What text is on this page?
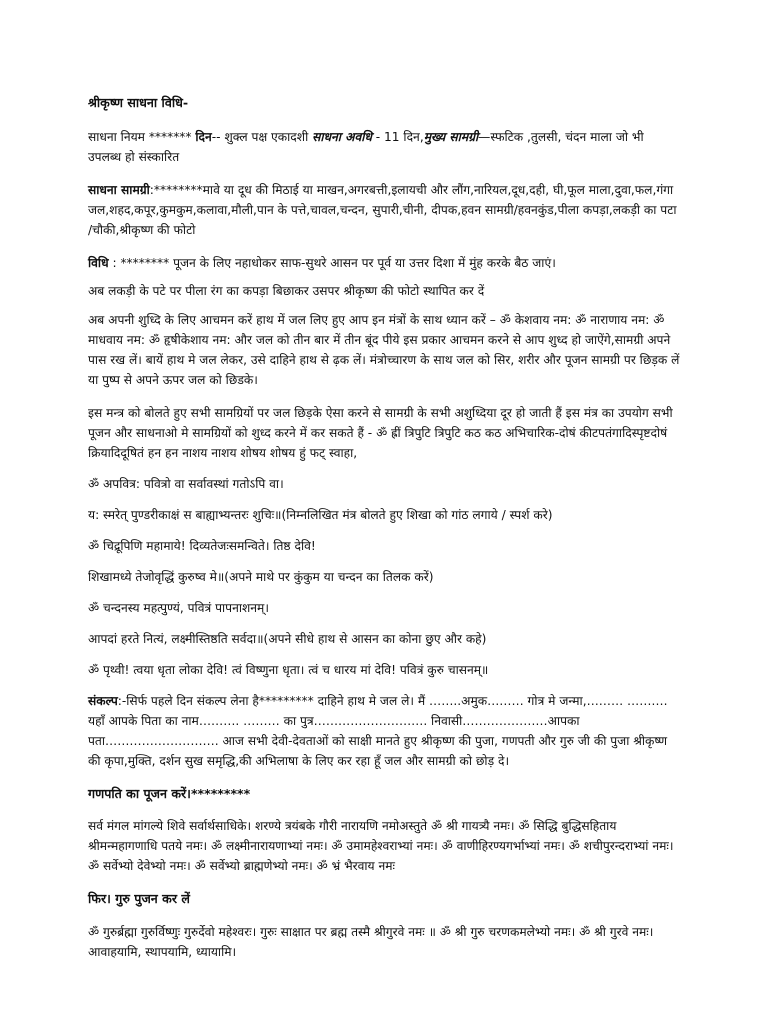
श्रीकृष्ण साधना विधि-

साधना नियम ******* दिन-- शुक्ल पक्ष एकादशी साधना अवधि - 11 दिन,मुख्य सामग्री—स्फटिक ,तुलसी, चंदन माला जो भी उपलब्ध हो संस्कारित

साधना सामग्री:********मावे या दूध की मिठाई या माखन,अगरबत्ती,इलायची और लौंग,नारियल,दूध,दही, घी,फूल माला,दुवा,फल,गंगा जल,शहद,कपूर,कुमकुम,कलावा,मौली,पान के पत्ते,चावल,चन्दन, सुपारी,चीनी, दीपक,हवन सामग्री/हवनकुंड,पीला कपड़ा,लकड़ी का पटा /चौकी,श्रीकृष्ण की फोटो

विधि : ******** पूजन के लिए नहाधोकर साफ-सुथरे आसन पर पूर्व या उत्तर दिशा में मुंह करके बैठ जाएं।

अब लकड़ी के पटे पर पीला रंग का कपड़ा बिछाकर उसपर श्रीकृष्ण की फोटो स्थापित कर दें

अब अपनी शुध्दि के लिए आचमन करें हाथ में जल लिए हुए आप इन मंत्रों के साथ ध्यान करें – ॐ केशवाय नम: ॐ नाराणाय नम: ॐ माधवाय नम: ॐ हृषीकेशाय नम: और जल को तीन बार में तीन बूंद पीये इस प्रकार आचमन करने से आप शुध्द हो जाऐंगे,सामग्री अपने पास रख लें। बायें हाथ मे जल लेकर, उसे दाहिने हाथ से ढ़क लें। मंत्रोच्चारण के साथ जल को सिर, शरीर और पूजन सामग्री पर छिड़क लें या पुष्प से अपने ऊपर जल को छिडके।

इस मन्त्र को बोलते हुए सभी सामग्रियों पर जल छिड़के ऐसा करने से सामग्री के सभी अशुध्दिया दूर हो जाती हैं इस मंत्र का उपयोग सभी पूजन और साधनाओ मे सामग्रियों को शुध्द करने में कर सकते हैं - ॐ ह्रीं त्रिपुटि त्रिपुटि कठ कठ अभिचारिक-दोषं कीटपतंगादिस्पृष्टदोषं क्रियादिदूषितं हन हन नाशय नाशय शोषय शोषय हुं फट् स्वाहा,

ॐ अपवित्र: पवित्रो वा सर्वावस्थां गतोऽपि वा।

य: स्मरेत् पुण्डरीकाक्षं स बाह्याभ्यन्तरः शुचिः॥(निम्नलिखित मंत्र बोलते हुए शिखा को गांठ लगाये / स्पर्श करे)

ॐ चिद्रूपिणि महामाये! दिव्यतेजःसमन्विते। तिष्ठ देवि!

शिखामध्ये तेजोवृद्धिं कुरुष्व मे॥(अपने माथे पर कुंकुम या चन्दन का तिलक करें)

ॐ चन्दनस्य महत्पुण्यं, पवित्रं पापनाशनम्।

आपदां हरते नित्यं, लक्ष्मीस्तिष्ठति सर्वदा॥(अपने सीधे हाथ से आसन का कोना छुए और कहे)

ॐ पृथ्वी! त्वया धृता लोका देवि! त्वं विष्णुना धृता। त्वं च धारय मां देवि! पवित्रं कुरु चासनम्॥

संकल्प:-सिर्फ पहले दिन संकल्प लेना है********* दाहिने हाथ मे जल ले। मैं ……..अमुक……… गोत्र मे जन्मा,……… ………. यहाँ आपके पिता का नाम………. ……… का पुत्र………………………. निवासी…………………आपका पता………………………. आज सभी देवी-देवताओं को साक्षी मानते हुए श्रीकृष्ण की पुजा, गणपती और गुरु जी की पुजा श्रीकृष्ण की कृपा,मुक्ति, दर्शन सुख समृद्धि,की अभिलाषा के लिए कर रहा हूँ जल और सामग्री को छोड़ दे।

गणपति का पूजन करें।*********

सर्व मंगल मांगल्ये शिवे सर्वार्थसाधिके। शरण्ये त्रयंबके गौरी नारायणि नमोअस्तुते ॐ श्री गायत्र्यै नमः। ॐ सिद्धि बुद्धिसहिताय श्रीमन्महागणाधि पतये नमः। ॐ लक्ष्मीनारायणाभ्यां नमः। ॐ उमामहेश्वराभ्यां नमः। ॐ वाणीहिरण्यगर्भाभ्यां नमः। ॐ शचीपुरन्दराभ्यां नमः। ॐ सर्वेभ्यो देवेभ्यो नमः। ॐ सर्वेभ्यो ब्राह्मणेभ्यो नमः। ॐ भ्रं भैरवाय नमः

फिर। गुरु पुजन कर लें

ॐ गुरुर्ब्रह्मा गुरुर्विष्णुः गुरुर्देवो महेश्वरः। गुरुः साक्षात पर ब्रह्म तस्मै श्रीगुरवे नमः ॥ ॐ श्री गुरु चरणकमलेभ्यो नमः। ॐ श्री गुरवे नमः। आवाहयामि, स्थापयामि, ध्यायामि।
